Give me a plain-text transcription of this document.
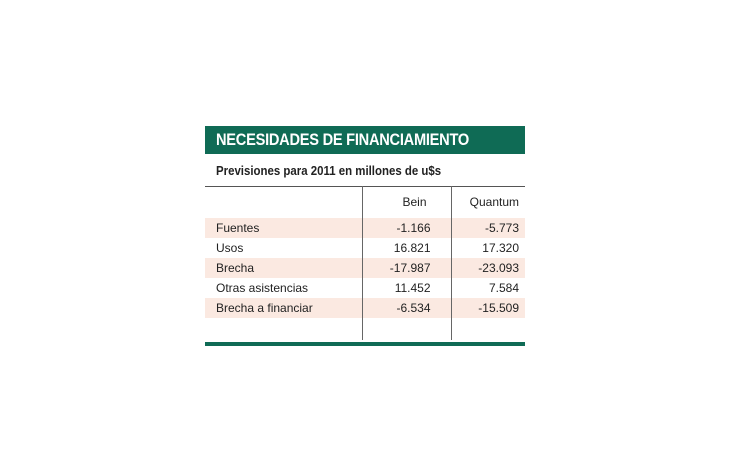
NECESIDADES DE FINANCIAMIENTO
Previsiones para 2011 en millones de u$s
	Bein	Quantum
Fuentes	-1.166	-5.773
Usos	16.821	17.320
Brecha	-17.987	-23.093
Otras asistencias	11.452	7.584
Brecha a financiar	-6.534	-15.509
